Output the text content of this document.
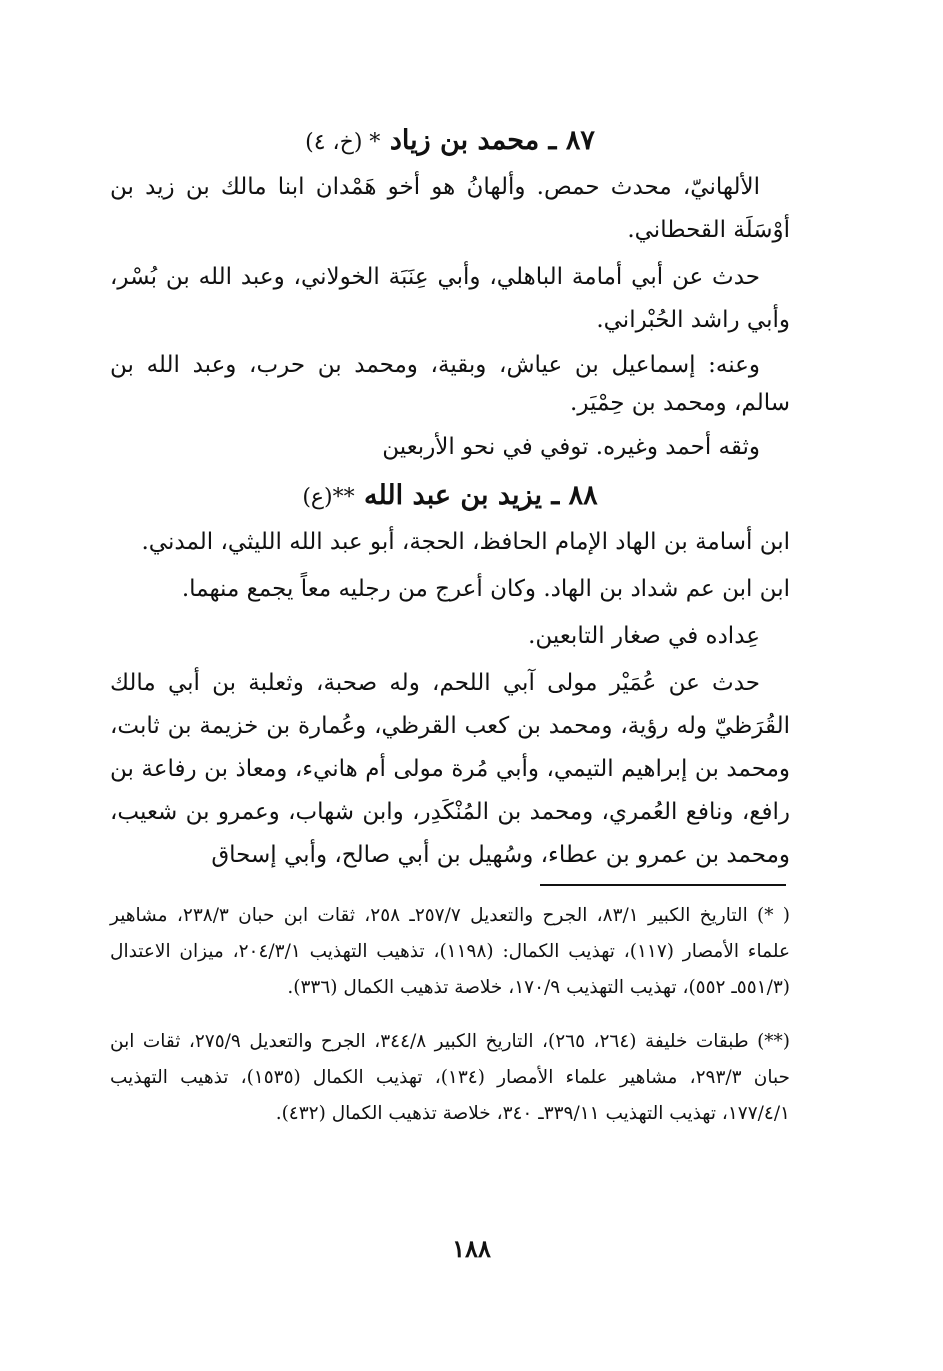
٨٧ ـ محمد بن زياد * (خ، ٤)

الألهانيّ، محدث حمص. وألهانُ هو أخو هَمْدان ابنا مالك بن زيد بن أوْسَلَة القحطاني.

حدث عن أبي أمامة الباهلي، وأبي عِنَبَة الخولاني، وعبد الله بن بُسْر، وأبي راشد الحُبْراني.

وعنه: إسماعيل بن عياش، وبقية، ومحمد بن حرب، وعبد الله بن سالم، ومحمد بن حِمْيَر.

وثقه أحمد وغيره. توفي في نحو الأربعين

٨٨ ـ يزيد بن عبد الله **(ع)

ابن أسامة بن الهاد الإمام الحافظ، الحجة، أبو عبد الله الليثي، المدني.

ابن ابن عم شداد بن الهاد. وكان أعرج من رجليه معاً يجمع منهما.

عِداده في صغار التابعين.

حدث عن عُمَيْر مولى آبي اللحم، وله صحبة، وثعلبة بن أبي مالك القُرَظيّ وله رؤية، ومحمد بن كعب القرظي، وعُمارة بن خزيمة بن ثابت، ومحمد بن إبراهيم التيمي، وأبي مُرة مولى أم هانيء، ومعاذ بن رفاعة بن رافع، ونافع العُمري، ومحمد بن المُنْكَدِر، وابن شهاب، وعمرو بن شعيب، ومحمد بن عمرو بن عطاء، وسُهيل بن أبي صالح، وأبي إسحاق

( *) التاريخ الكبير ٨٣/١، الجرح والتعديل ٢٥٧/٧ـ ٢٥٨، ثقات ابن حبان ٢٣٨/٣، مشاهير علماء الأمصار (١١٧)، تهذيب الكمال: (١١٩٨)، تذهيب التهذيب ٢٠٤/٣/١، ميزان الاعتدال (٥٥١/٣ـ ٥٥٢)، تهذيب التهذيب ١٧٠/٩، خلاصة تذهيب الكمال (٣٣٦).

(**) طبقات خليفة (٢٦٤، ٢٦٥)، التاريخ الكبير ٣٤٤/٨، الجرح والتعديل ٢٧٥/٩، ثقات ابن حبان ٢٩٣/٣، مشاهير علماء الأمصار (١٣٤)، تهذيب الكمال (١٥٣٥)، تذهيب التهذيب ١٧٧/٤/١، تهذيب التهذيب ٣٣٩/١١ـ ٣٤٠، خلاصة تذهيب الكمال (٤٣٢).

١٨٨
